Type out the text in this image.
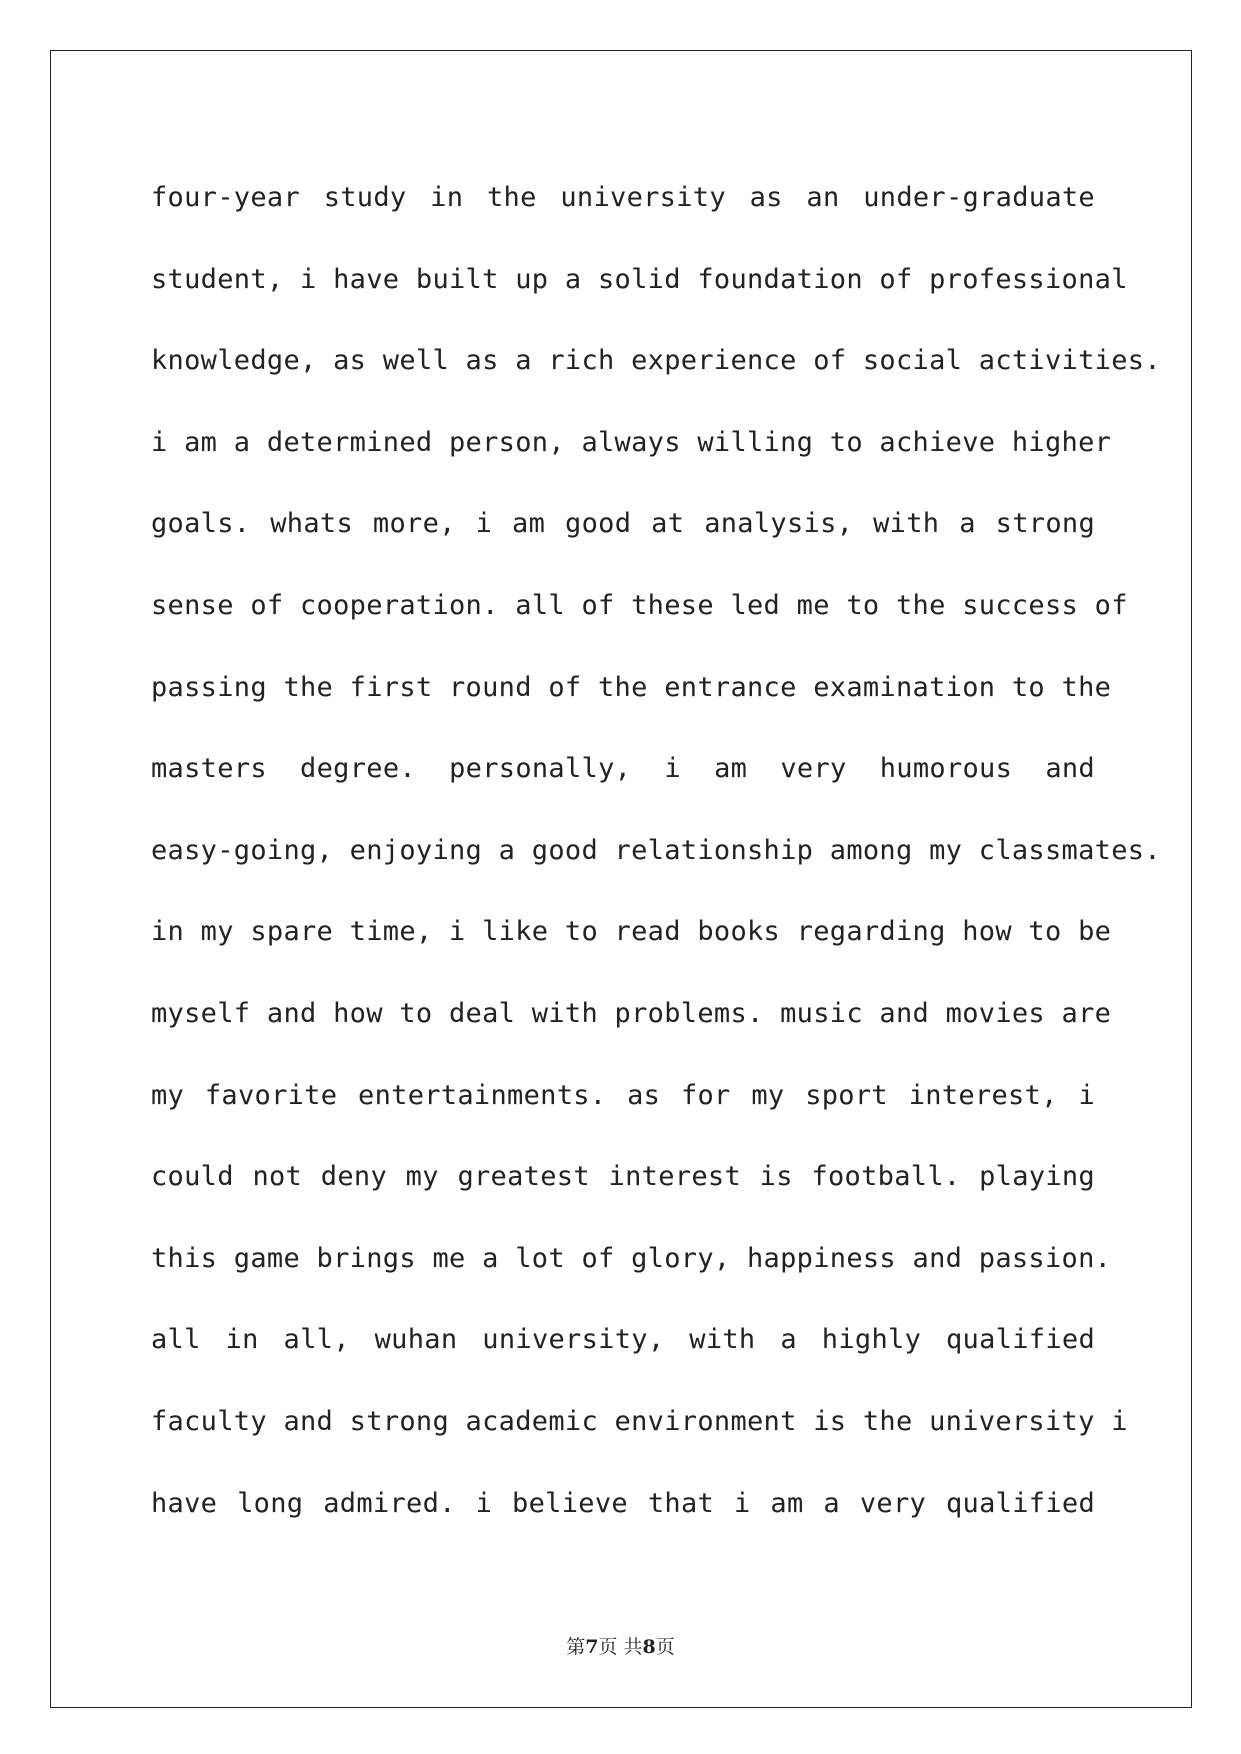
four-year study in the university as an under-graduate
student, i have built up a solid foundation of professional
knowledge, as well as a rich experience of social activities.
i am a determined person, always willing to achieve higher
goals. whats more, i am good at analysis, with a strong
sense of cooperation. all of these led me to the success of
passing the first round of the entrance examination to the
masters degree. personally, i am very humorous and
easy-going, enjoying a good relationship among my classmates.
in my spare time, i like to read books regarding how to be
myself and how to deal with problems. music and movies are
my favorite entertainments. as for my sport interest, i
could not deny my greatest interest is football. playing
this game brings me a lot of glory, happiness and passion.
all in all, wuhan university, with a highly qualified
faculty and strong academic environment is the university i
have long admired. i believe that i am a very qualified
第7页 共8页
